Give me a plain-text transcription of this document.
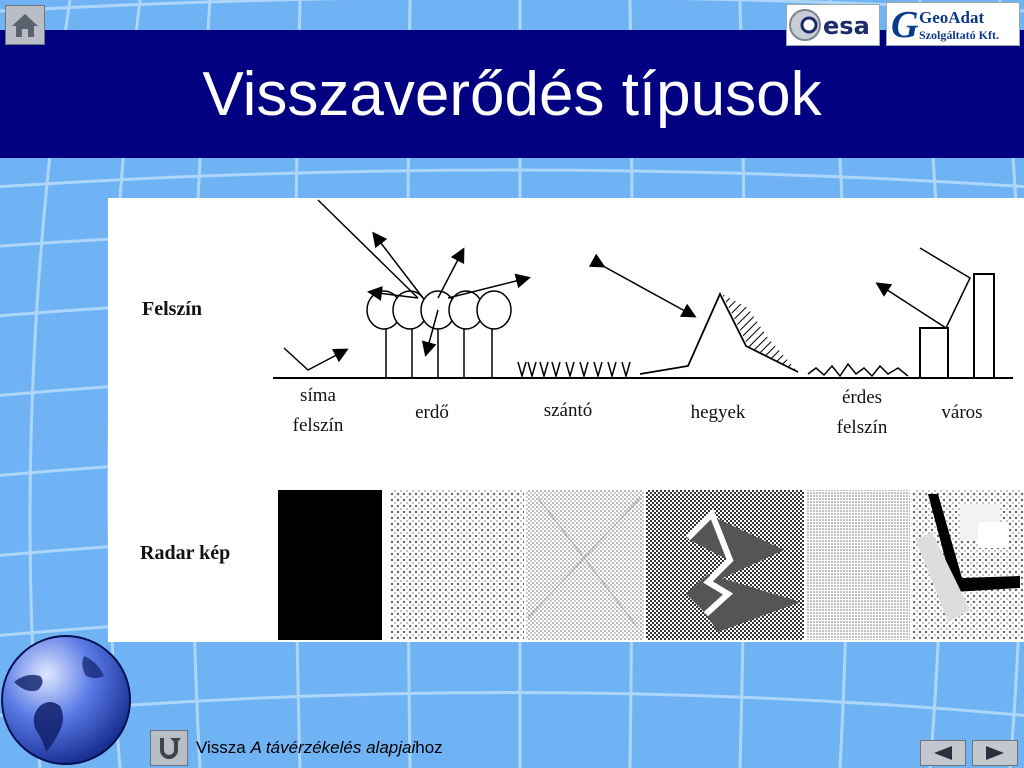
Visszaverődés típusok
esa G GeoAdat
Szolgáltató Kft.
Felszín
Radar kép
síma
felszín
erdő	szántó	hegyek
érdes
felszín
város
Vissza A távérzékelés alapjaihoz
